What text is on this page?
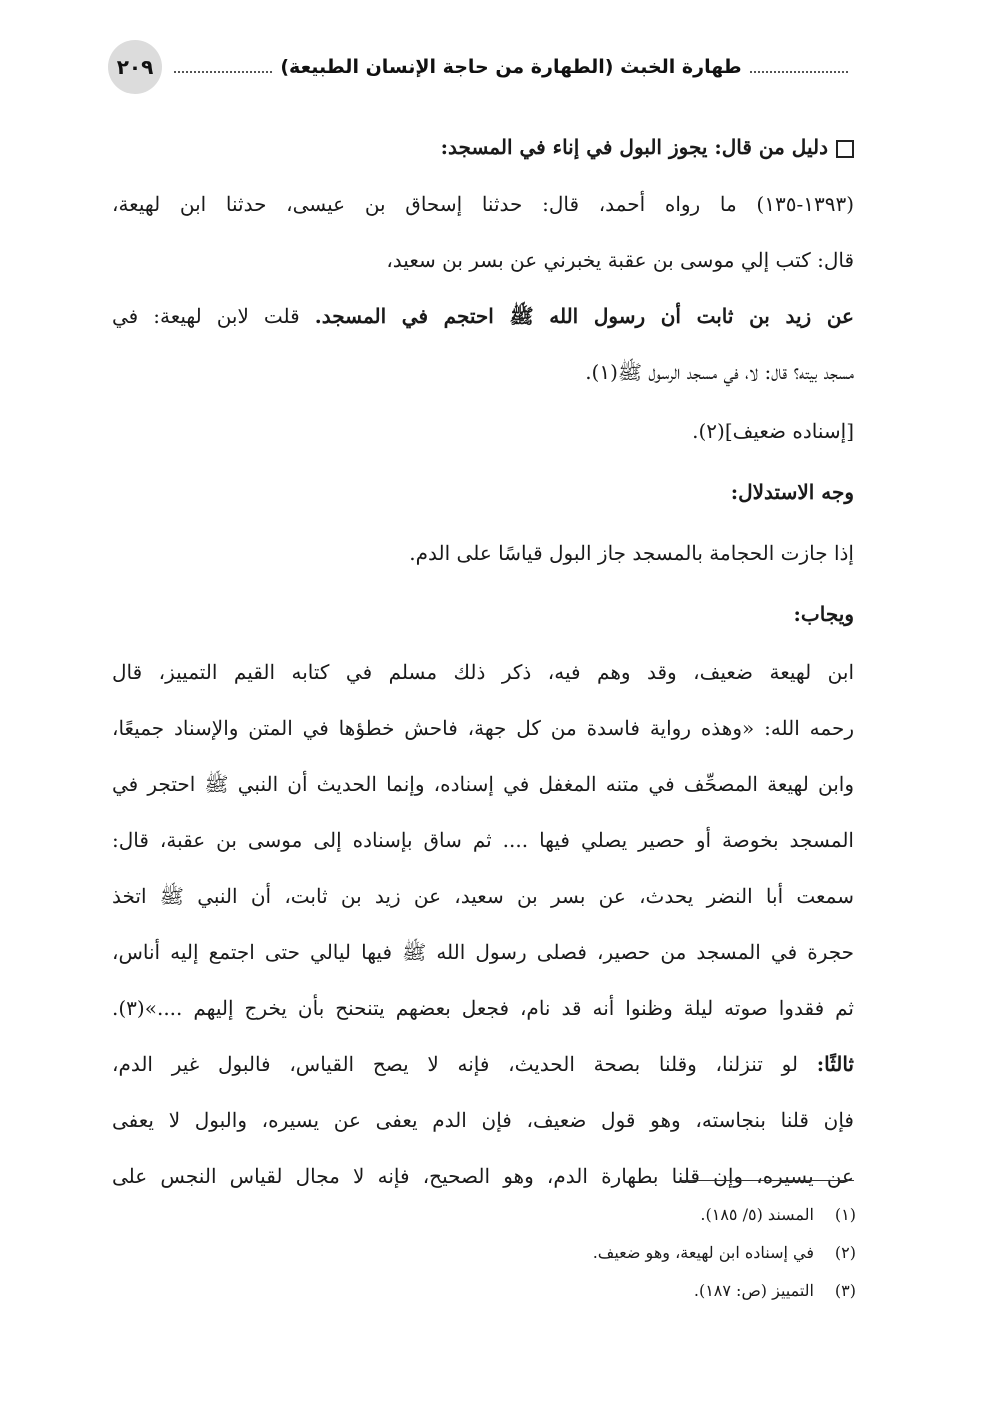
٢٠٩	طهارة الخبث (الطهارة من حاجة الإنسان الطبيعة)
دليل من قال: يجوز البول في إناء في المسجد:
(١٣٩٣-١٣٥) ما رواه أحمد، قال: حدثنا إسحاق بن عيسى، حدثنا ابن لهيعة،
قال: كتب إلي موسى بن عقبة يخبرني عن بسر بن سعيد،
عن زيد بن ثابت أن رسول الله ﷺ احتجم في المسجد. قلت لابن لهيعة: في
مسجد بيته؟ قال: لا، في مسجد الرسول ﷺ(١).
[إسناده ضعيف](٢).
وجه الاستدلال:
إذا جازت الحجامة بالمسجد جاز البول قياسًا على الدم.
ويجاب:
ابن لهيعة ضعيف، وقد وهم فيه، ذكر ذلك مسلم في كتابه القيم التمييز، قال
رحمه الله: «وهذه رواية فاسدة من كل جهة، فاحش خطؤها في المتن والإسناد جميعًا،
وابن لهيعة المصحِّف في متنه المغفل في إسناده، وإنما الحديث أن النبي ﷺ احتجر في
المسجد بخوصة أو حصير يصلي فيها .... ثم ساق بإسناده إلى موسى بن عقبة، قال:
سمعت أبا النضر يحدث، عن بسر بن سعيد، عن زيد بن ثابت، أن النبي ﷺ اتخذ
حجرة في المسجد من حصير، فصلى رسول الله ﷺ فيها ليالي حتى اجتمع إليه أناس،
ثم فقدوا صوته ليلة وظنوا أنه قد نام، فجعل بعضهم يتنحنح بأن يخرج إليهم ....»(٣).
ثالثًا: لو تنزلنا، وقلنا بصحة الحديث، فإنه لا يصح القياس، فالبول غير الدم،
فإن قلنا بنجاسته، وهو قول ضعيف، فإن الدم يعفى عن يسيره، والبول لا يعفى
عن يسيره، وإن قلنا بطهارة الدم، وهو الصحيح، فإنه لا مجال لقياس النجس على
(١)المسند (٥/ ١٨٥).
(٢)في إسناده ابن لهيعة، وهو ضعيف.
(٣)التمييز (ص: ١٨٧).
